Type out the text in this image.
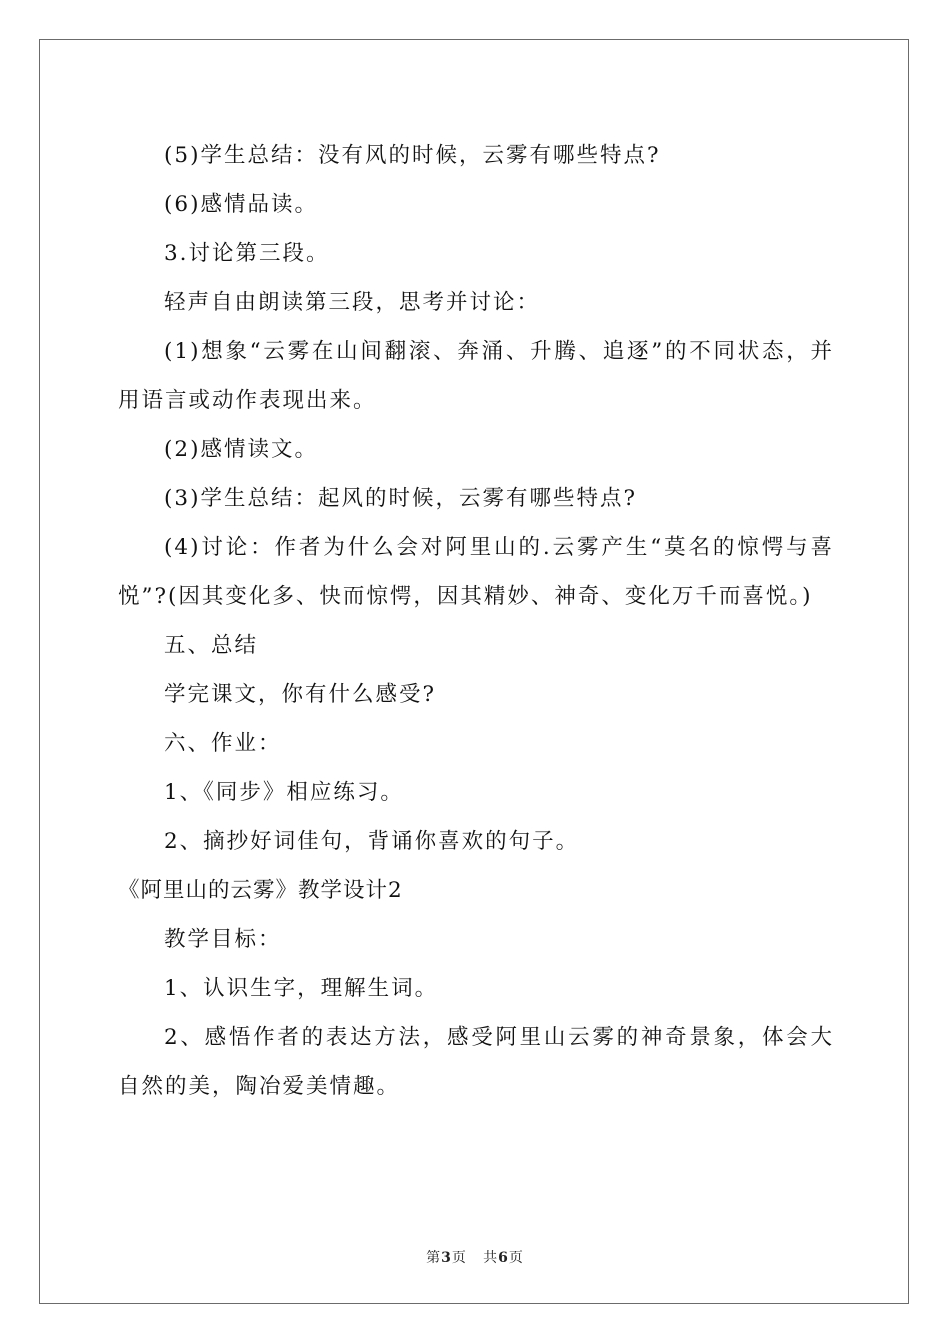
(5)学生总结：没有风的时候，云雾有哪些特点?

(6)感情品读。

3.讨论第三段。

轻声自由朗读第三段，思考并讨论：

(1)想象“云雾在山间翻滚、奔涌、升腾、追逐”的不同状态，并用语言或动作表现出来。

(2)感情读文。

(3)学生总结：起风的时候，云雾有哪些特点?

(4)讨论：作者为什么会对阿里山的.云雾产生“莫名的惊愕与喜悦”?(因其变化多、快而惊愕，因其精妙、神奇、变化万千而喜悦。)

五、总结

学完课文，你有什么感受?

六、作业：

1、《同步》相应练习。

2、摘抄好词佳句，背诵你喜欢的句子。

《阿里山的云雾》教学设计2

教学目标：

1、认识生字，理解生词。

2、感悟作者的表达方法，感受阿里山云雾的神奇景象，体会大自然的美，陶冶爱美情趣。

第3页 共6页
